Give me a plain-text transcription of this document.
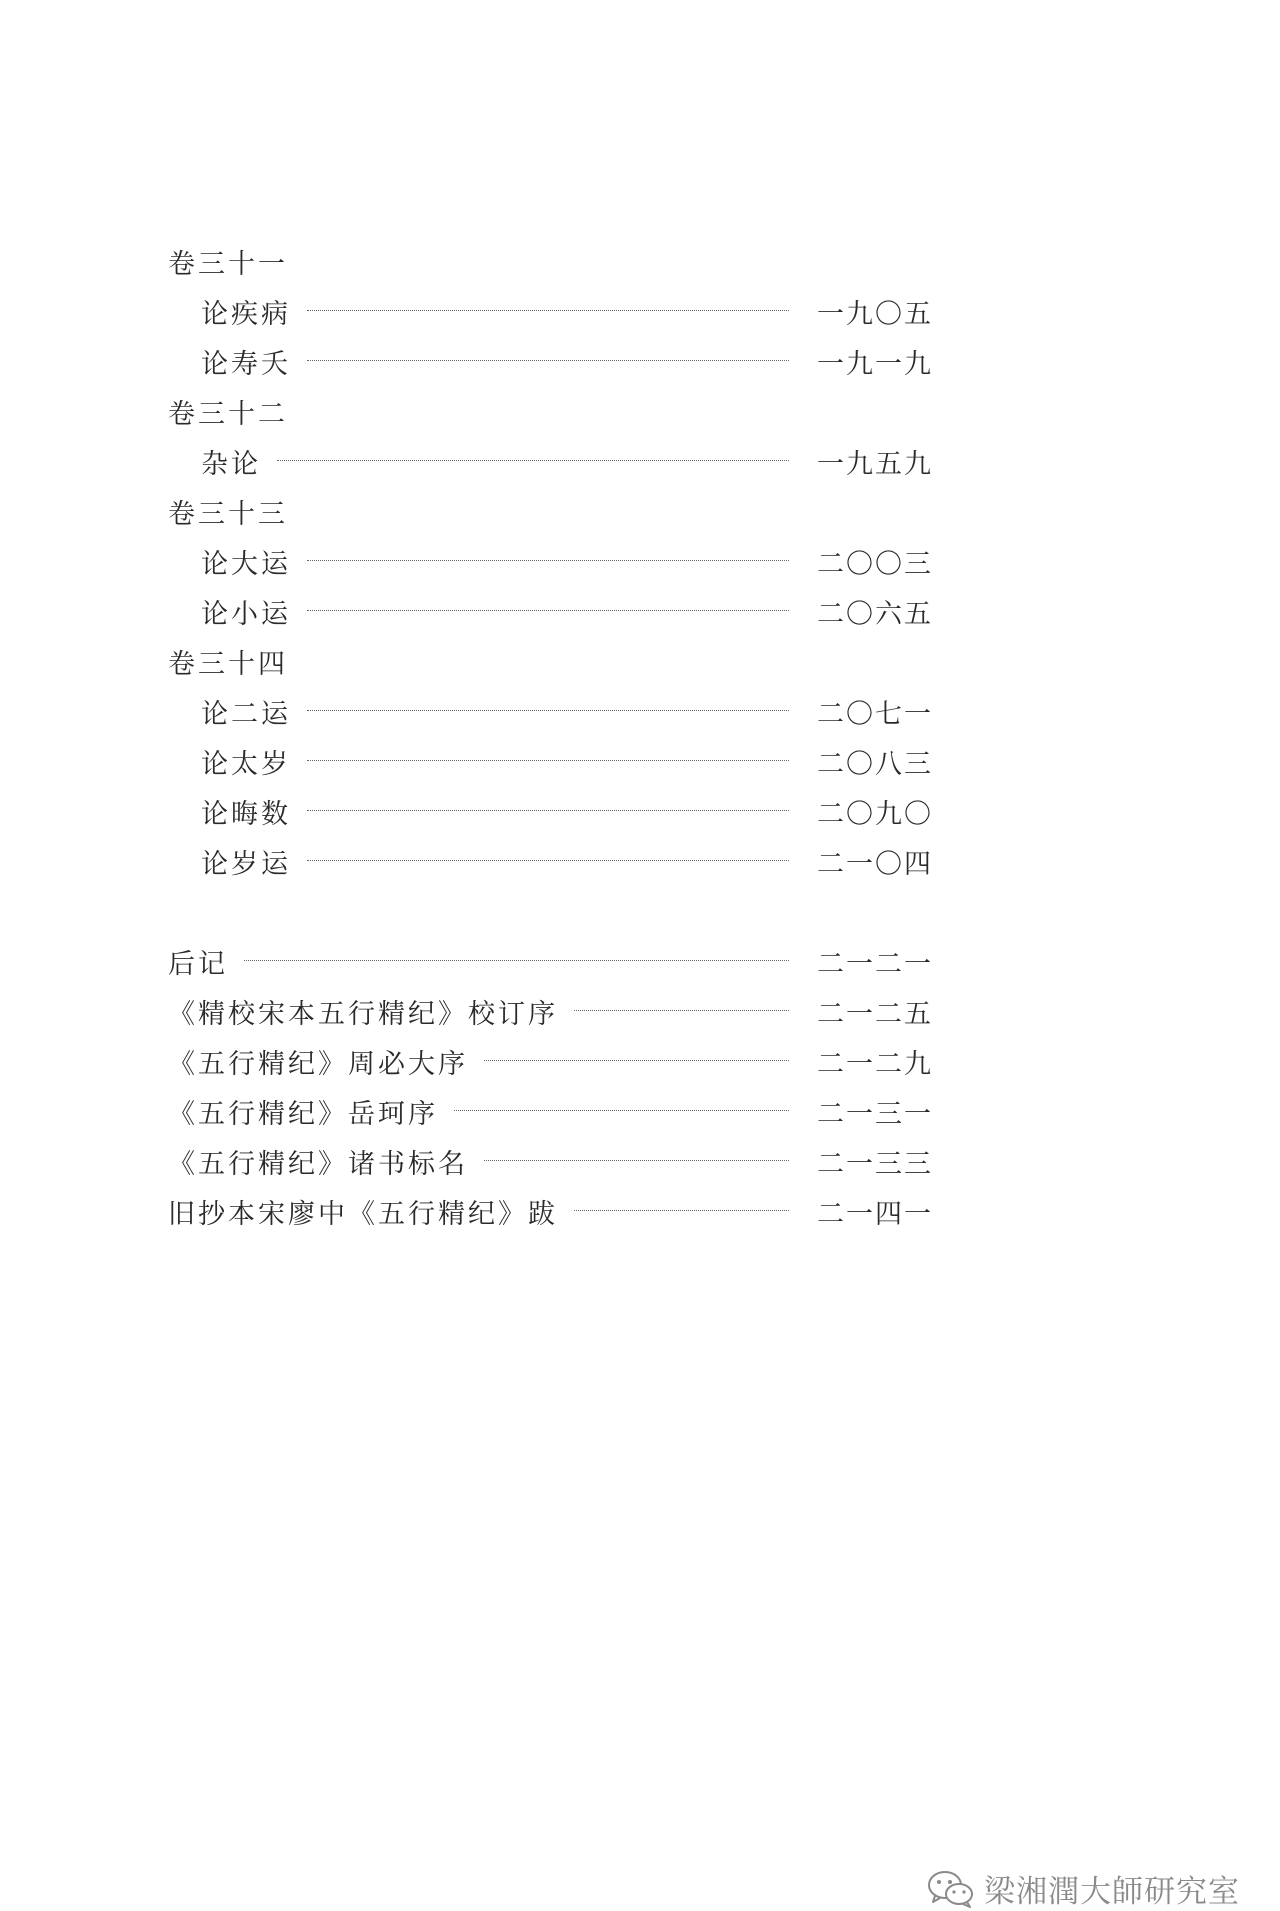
卷三十一
论疾病	一九〇五
论寿夭	一九一九
卷三十二
杂论	一九五九
卷三十三
论大运	二〇〇三
论小运	二〇六五
卷三十四
论二运	二〇七一
论太岁	二〇八三
论晦数	二〇九〇
论岁运	二一〇四
后记	二一二一
《精校宋本五行精纪》校订序	二一二五
《五行精纪》周必大序	二一二九
《五行精纪》岳珂序	二一三一
《五行精纪》诸书标名	二一三三
旧抄本宋廖中《五行精纪》跋	二一四一
梁湘潤大師研究室
